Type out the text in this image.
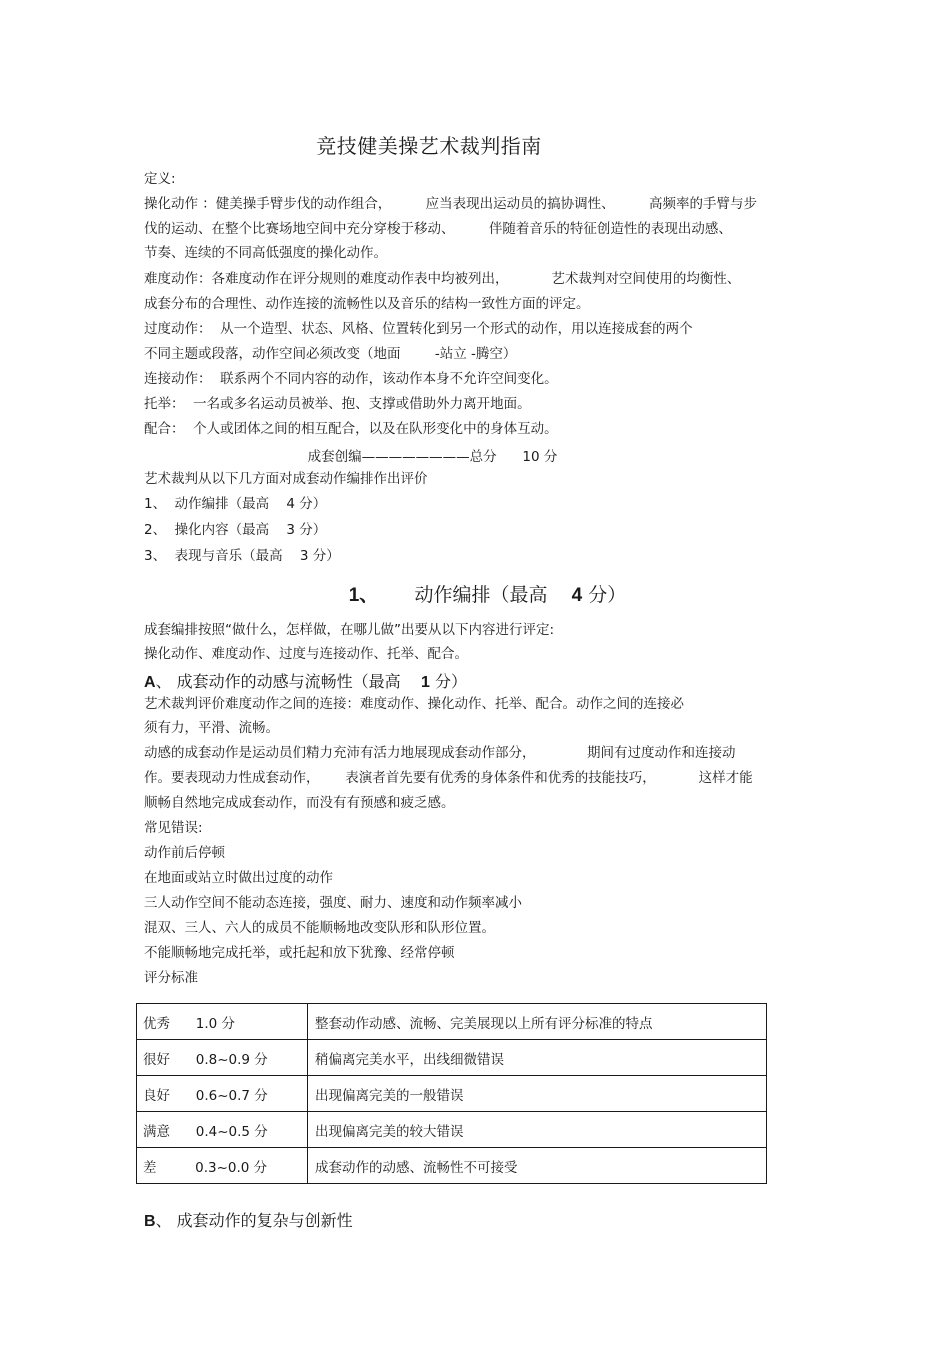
竞技健美操艺术裁判指南
定义:
操化动作 ：健美操手臂步伐的动作组合，        应当表现出运动员的搞协调性、        高频率的手臂与步
伐的运动、在整个比赛场地空间中充分穿梭于移动、        伴随着音乐的特征创造性的表现出动感、
节奏、连续的不同高低强度的操化动作。
难度动作：各难度动作在评分规则的难度动作表中均被列出，          艺术裁判对空间使用的均衡性、
成套分布的合理性、动作连接的流畅性以及音乐的结构一致性方面的评定。
过度动作：  从一个造型、状态、风格、位置转化到另一个形式的动作，用以连接成套的两个
不同主题或段落，动作空间必须改变（地面        -站立 -腾空）
连接动作：  联系两个不同内容的动作，该动作本身不允许空间变化。
托举：  一名或多名运动员被举、抱、支撑或借助外力离开地面。
配合：  个人或团体之间的相互配合，以及在队形变化中的身体互动。
成套创编————————总分      10 分
艺术裁判从以下几方面对成套动作编排作出评价
1、  动作编排（最高    4 分）
2、  操化内容（最高    3 分）
3、  表现与音乐（最高    3 分）
1、      动作编排（最高    4 分）
成套编排按照“做什么，怎样做，在哪儿做”出要从以下内容进行评定:
操化动作、难度动作、过度与连接动作、托举、配合。
A、 成套动作的动感与流畅性（最高    1 分）
艺术裁判评价难度动作之间的连接：难度动作、操化动作、托举、配合。动作之间的连接必
须有力，平滑、流畅。
动感的成套动作是运动员们精力充沛有活力地展现成套动作部分，            期间有过度动作和连接动
作。要表现动力性成套动作，      表演者首先要有优秀的身体条件和优秀的技能技巧，          这样才能
顺畅自然地完成成套动作，而没有有预感和疲乏感。
常见错误:
动作前后停顿
在地面或站立时做出过度的动作
三人动作空间不能动态连接，强度、耐力、速度和动作频率减小
混双、三人、六人的成员不能顺畅地改变队形和队形位置。
不能顺畅地完成托举，或托起和放下犹豫、经常停顿
评分标准
优秀      1.0 分	整套动作动感、流畅、完美展现以上所有评分标准的特点
很好      0.8~0.9 分	稍偏离完美水平，出线细微错误
良好      0.6~0.7 分	出现偏离完美的一般错误
满意      0.4~0.5 分	出现偏离完美的较大错误
差         0.3~0.0 分	成套动作的动感、流畅性不可接受
B、 成套动作的复杂与创新性
